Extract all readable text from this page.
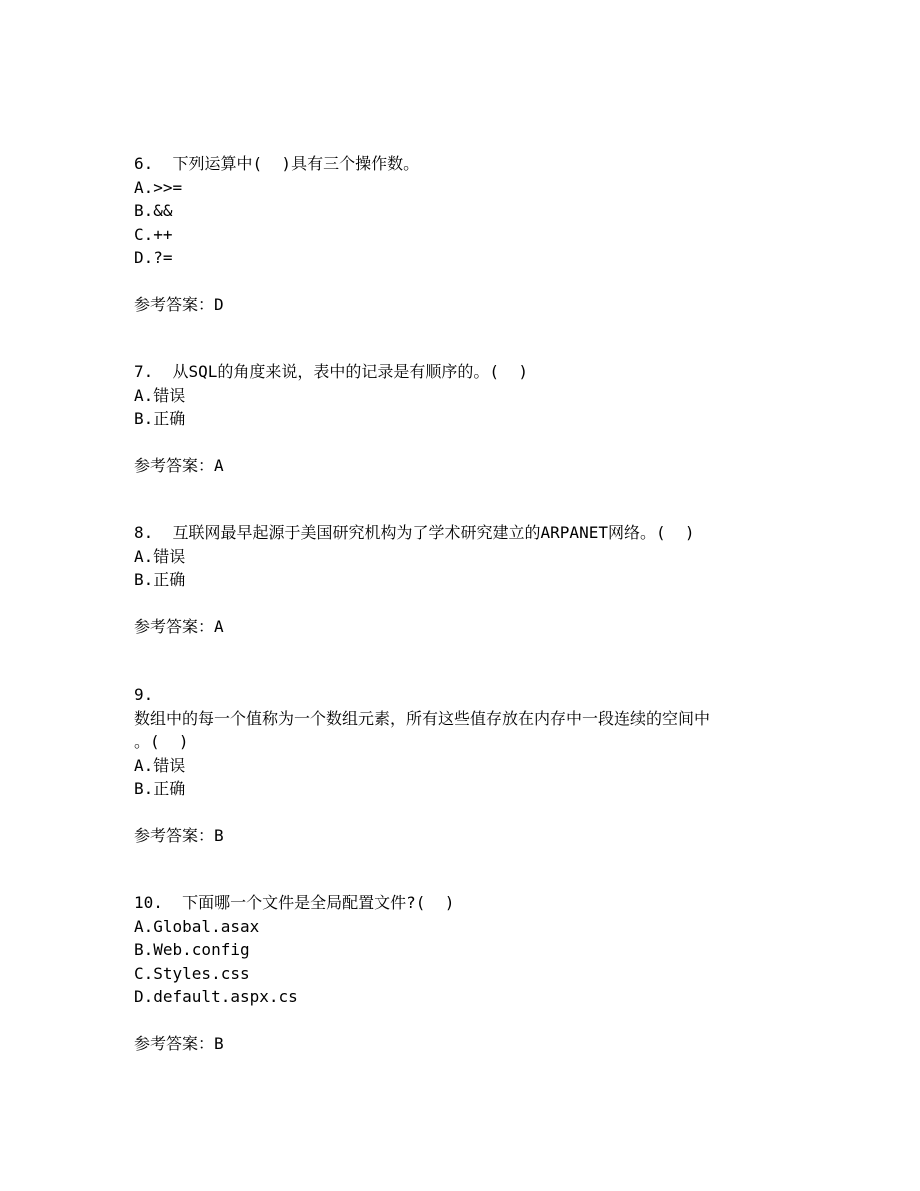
6.  下列运算中(  )具有三个操作数。
A.>>=
B.&&
C.++
D.?=
参考答案：D
7.  从SQL的角度来说，表中的记录是有顺序的。(  )
A.错误
B.正确
参考答案：A
8.  互联网最早起源于美国研究机构为了学术研究建立的ARPANET网络。(  )
A.错误
B.正确
参考答案：A
9.
数组中的每一个值称为一个数组元素，所有这些值存放在内存中一段连续的空间中
。(  )
A.错误
B.正确
参考答案：B
10.  下面哪一个文件是全局配置文件?(  )
A.Global.asax
B.Web.config
C.Styles.css
D.default.aspx.cs
参考答案：B
